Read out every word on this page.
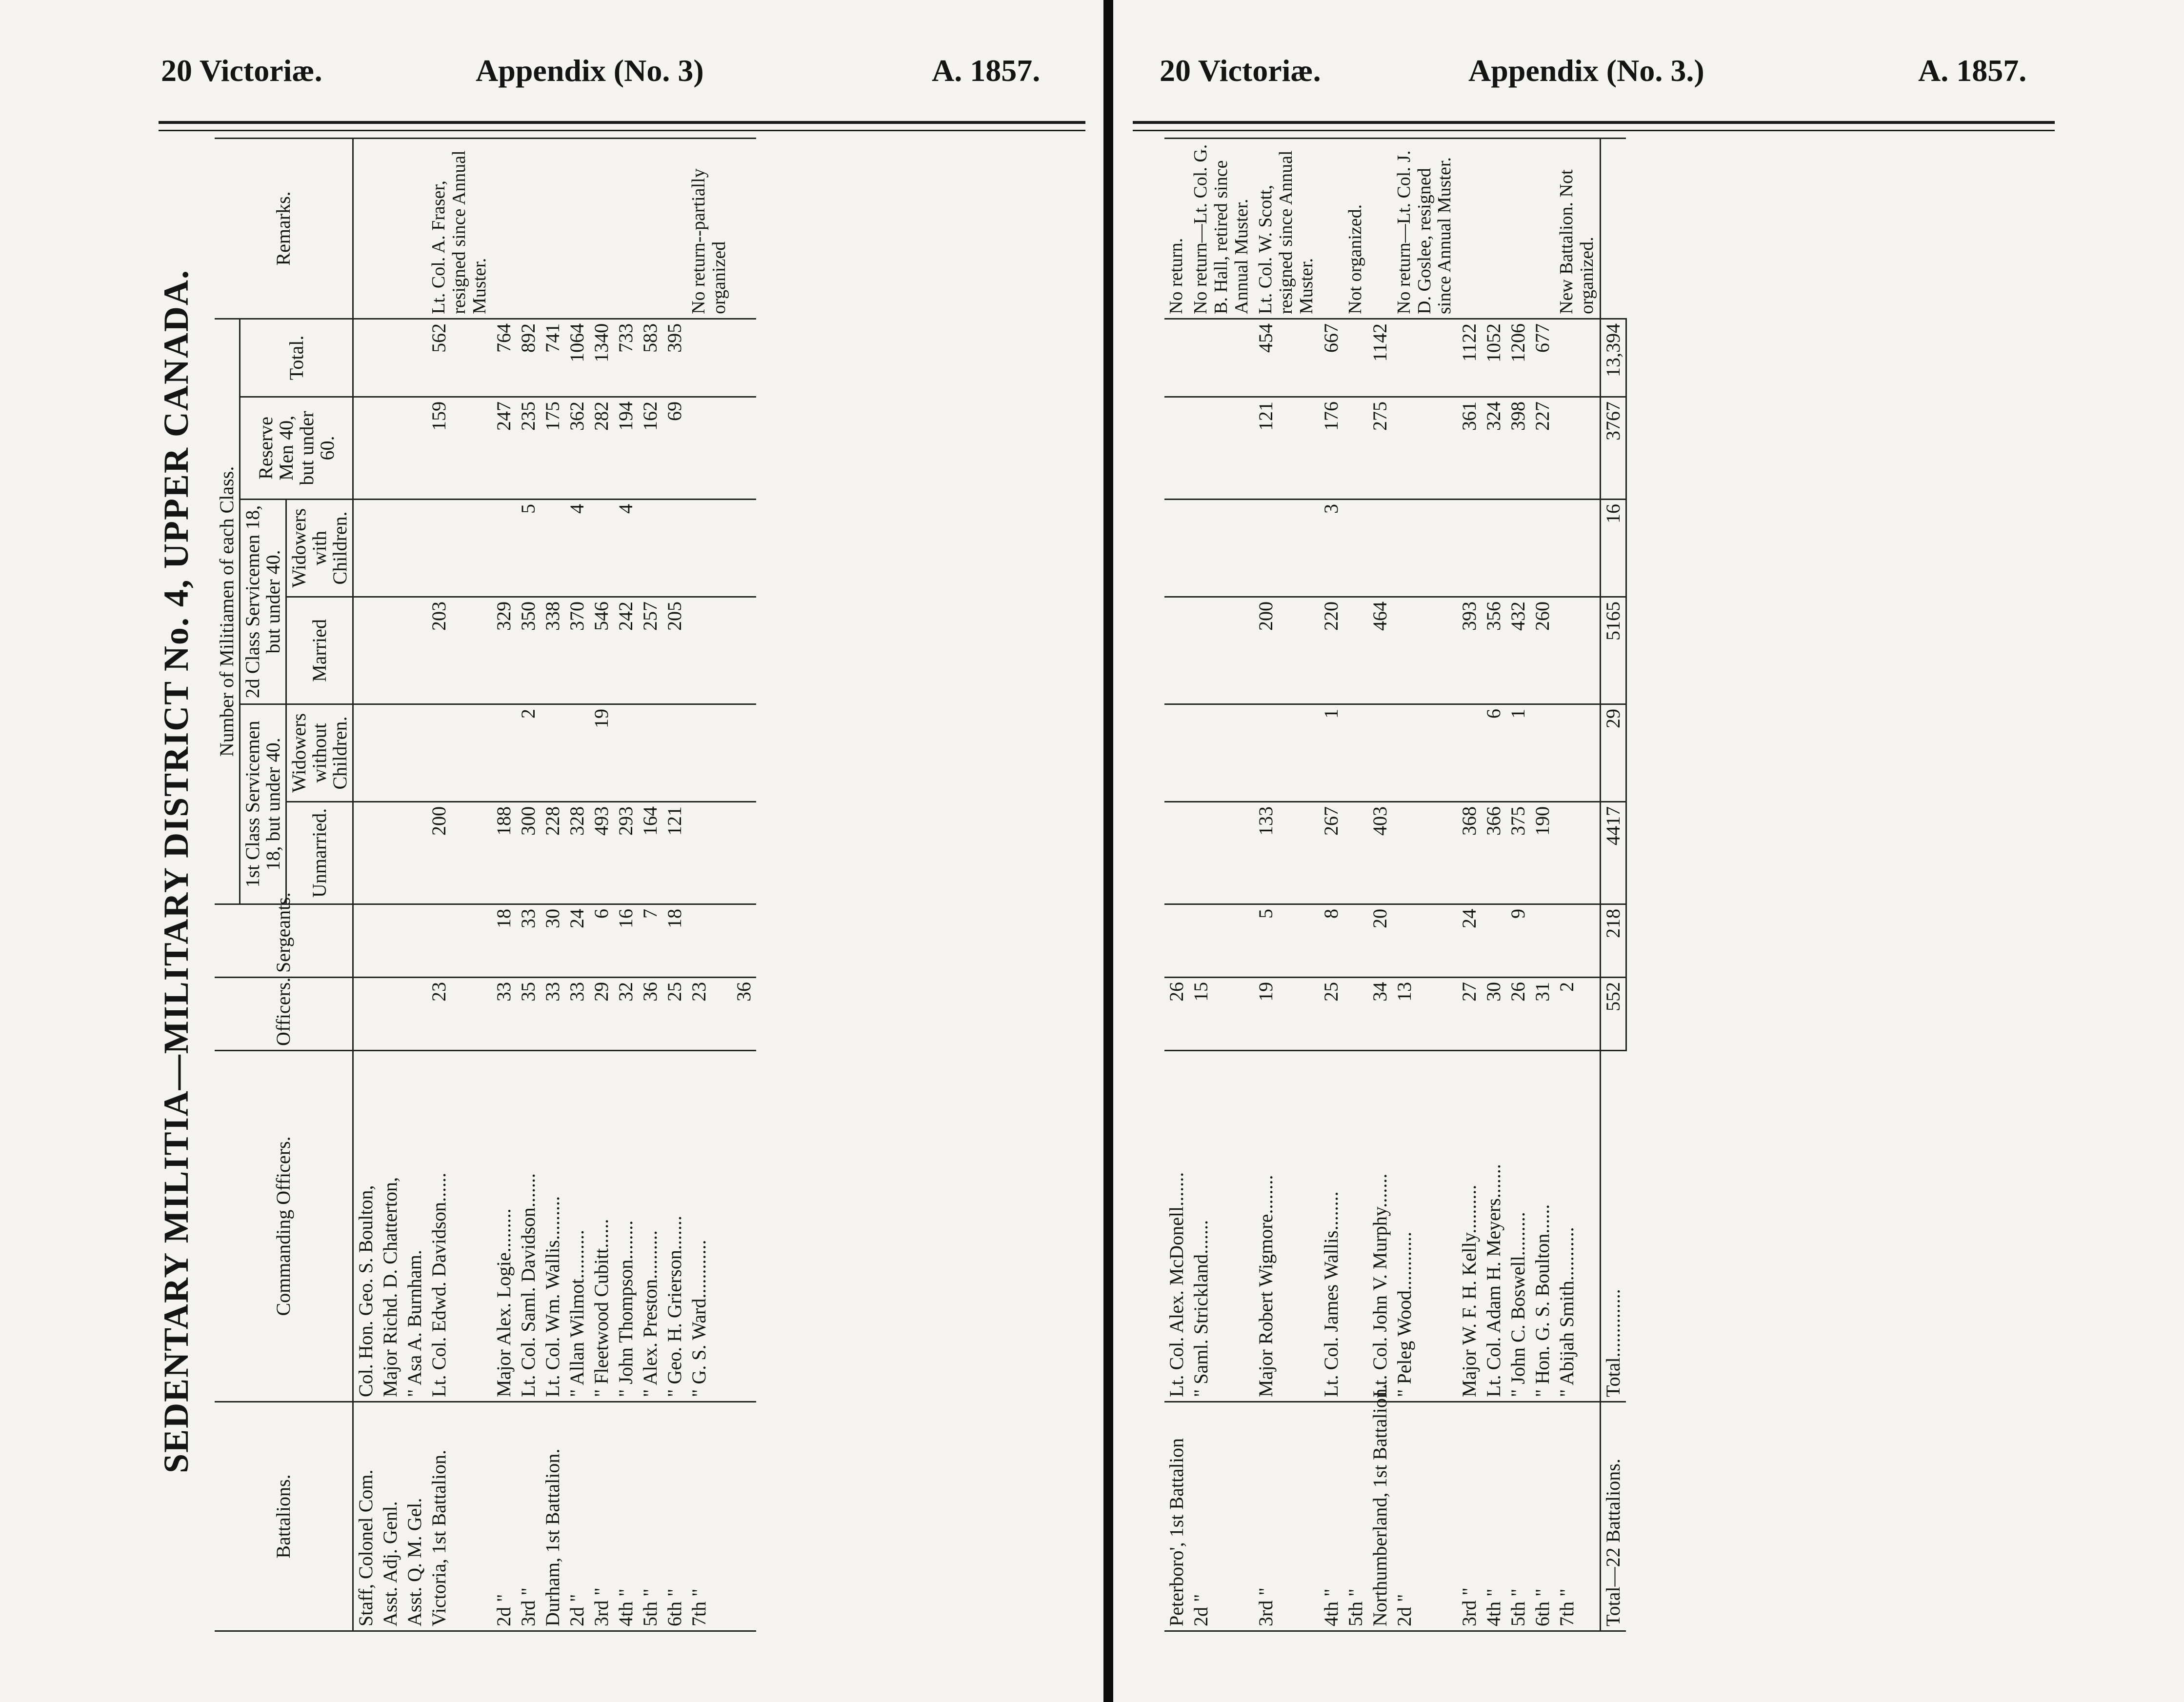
20 Victoriæ.	Appendix (No. 3)	A. 1857.
SEDENTARY MILITIA—MILITARY DISTRICT No. 4, UPPER CANADA.
Battalions.	Commanding Officers.	Officers.	Sergeants.	Number of Militiamen of each Class.						Remarks.
				1st Class Servicemen 18, but under 40.		2d Class Servicemen 18, but under 40.		Reserve Men 40, but under 60.	Total.	
				Unmarried.	Widowers without Children.	Married	Widowers with Children.			
Staff, Colonel Com.	Col. Hon. Geo. S. Boulton,									
Asst. Adj. Genl.	Major Richd. D. Chatterton,									
Asst. Q. M. Gel.	" Asa A. Burnham.									
Victoria, 1st Battalion.	Lt. Col. Edwd. Davidson......	23		200		203		159	562	Lt. Col. A. Fraser, resigned since Annual Muster.
2d "	Major Alex. Logie.........	33	18	188		329		247	764	
3rd "	Lt. Col. Saml. Davidson.......	35	33	300	2	350	5	235	892	
Durham, 1st Battalion.	Lt. Col. Wm. Wallis.........	33	30	228		338		175	741	
2d "	" Allan Wilmot..........	33	24	328		370	4	362	1064	
3rd "	" Fleetwood Cubitt......	29	6	493	19	546		282	1340	
4th "	" John Thompson........	32	16	293		242	4	194	733	
5th "	" Alex. Preston..........	36	7	164		257		162	583	
6th "	" Geo. H. Grierson.......	25	18	121		205		69	395	
7th "	" G. S. Ward............	23								No return--partially organized
		36								
20 Victoriæ.	Appendix (No. 3.)	A. 1857.
Peterboro', 1st Battalion	Lt. Col. Alex. McDonell.......	26								No return.
2d "	" Saml. Strickland.......	15								No return—Lt. Col. G. B. Hall, retired since Annual Muster.
3rd "	Major Robert Wigmore........	19	5	133		200		121	454	Lt. Col. W. Scott, resigned since Annual Muster.
4th "	Lt. Col. James Wallis........	25	8	267	1	220	3	176	667	
5th "										Not organized.
Northumberland, 1st Battalion.	Lt. Col. John V. Murphy.......	34	20	403		464		275	1142	
2d "	" Peleg Wood............	13								No return—Lt. Col. J. D. Goslee, resigned since Annual Muster.
3rd "	Major W. F. H. Kelly..........	27	24	368		393		361	1122	
4th "	Lt. Col. Adam H. Meyers.......	30		366	6	356		324	1052	
5th "	" John C. Boswell.........	26	9	375	1	432		398	1206	
6th "	" Hon. G. S. Boulton......	31		190		260		227	677	
7th "	" Abijah Smith...........	2								New Battalion. Not organized.
Total—22 Battalions.	Total..............	552	218	4417	29	5165	16	3767	13,394	
